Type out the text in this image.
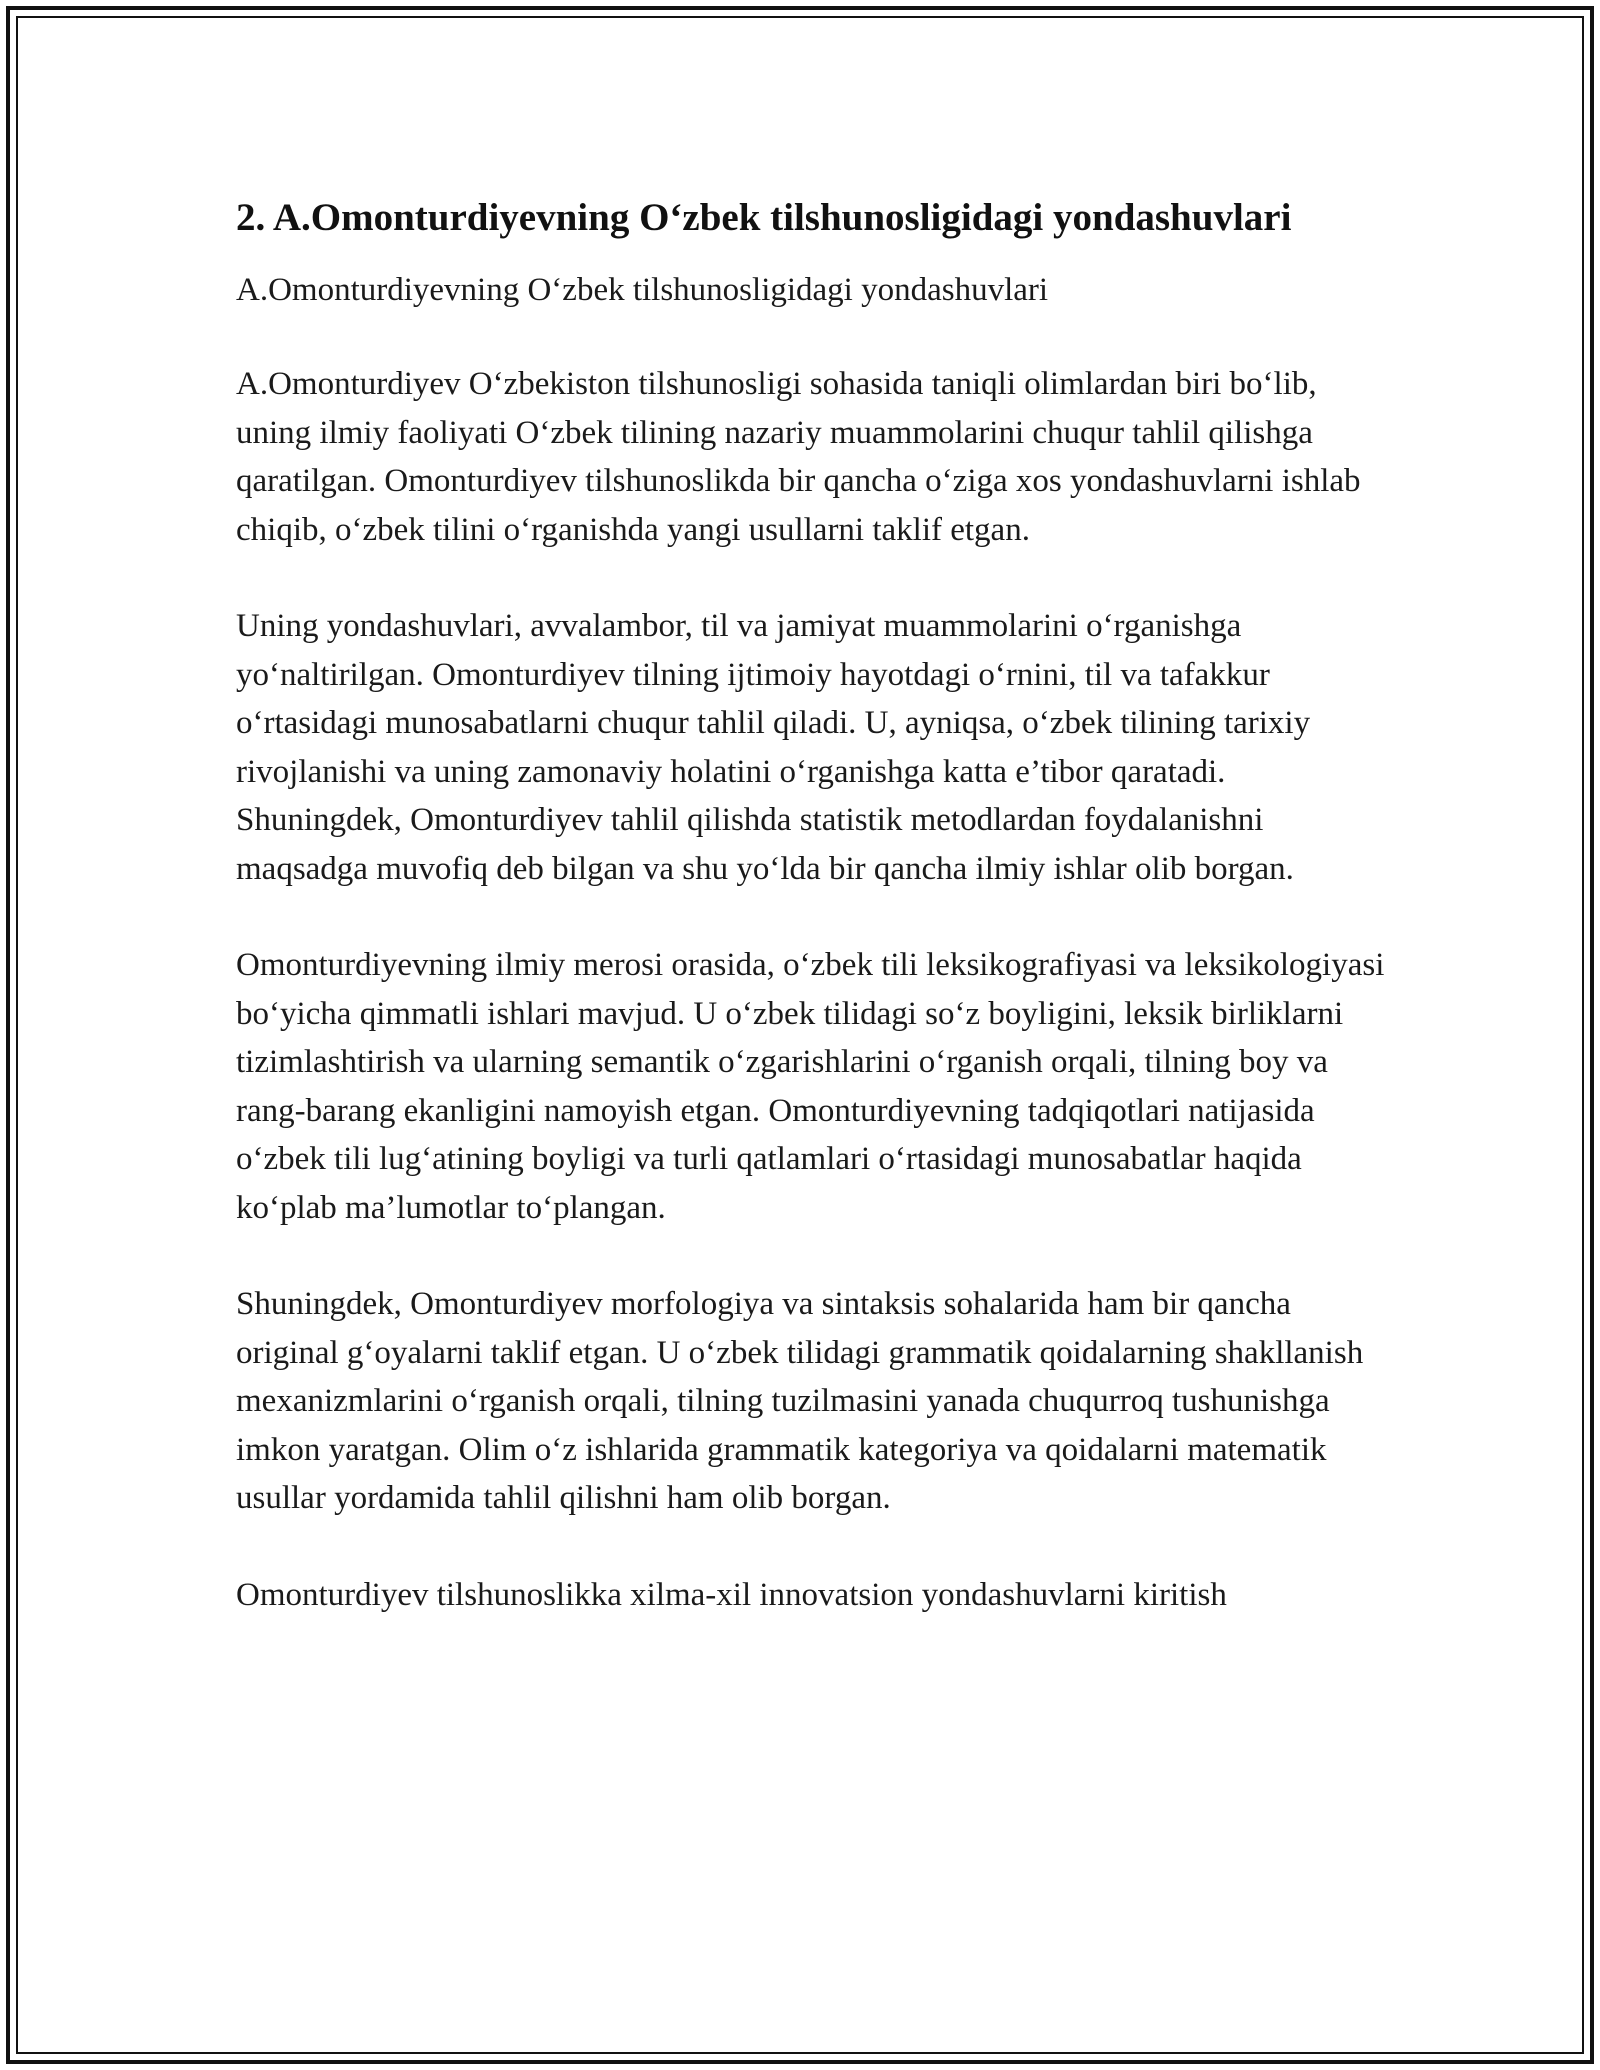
2. A.Omonturdiyevning O‘zbek tilshunosligidagi yondashuvlari

A.Omonturdiyevning O‘zbek tilshunosligidagi yondashuvlari

A.Omonturdiyev O‘zbekiston tilshunosligi sohasida taniqli olimlardan biri bo‘lib, uning ilmiy faoliyati O‘zbek tilining nazariy muammolarini chuqur tahlil qilishga qaratilgan. Omonturdiyev tilshunoslikda bir qancha o‘ziga xos yondashuvlarni ishlab chiqib, o‘zbek tilini o‘rganishda yangi usullarni taklif etgan.

Uning yondashuvlari, avvalambor, til va jamiyat muammolarini o‘rganishga yo‘naltirilgan. Omonturdiyev tilning ijtimoiy hayotdagi o‘rnini, til va tafakkur o‘rtasidagi munosabatlarni chuqur tahlil qiladi. U, ayniqsa, o‘zbek tilining tarixiy rivojlanishi va uning zamonaviy holatini o‘rganishga katta e’tibor qaratadi. Shuningdek, Omonturdiyev tahlil qilishda statistik metodlardan foydalanishni maqsadga muvofiq deb bilgan va shu yo‘lda bir qancha ilmiy ishlar olib borgan.

Omonturdiyevning ilmiy merosi orasida, o‘zbek tili leksikografiyasi va leksikologiyasi bo‘yicha qimmatli ishlari mavjud. U o‘zbek tilidagi so‘z boyligini, leksik birliklarni tizimlashtirish va ularning semantik o‘zgarishlarini o‘rganish orqali, tilning boy va rang-barang ekanligini namoyish etgan. Omonturdiyevning tadqiqotlari natijasida o‘zbek tili lug‘atining boyligi va turli qatlamlari o‘rtasidagi munosabatlar haqida ko‘plab ma’lumotlar to‘plangan.

Shuningdek, Omonturdiyev morfologiya va sintaksis sohalarida ham bir qancha original g‘oyalarni taklif etgan. U o‘zbek tilidagi grammatik qoidalarning shakllanish mexanizmlarini o‘rganish orqali, tilning tuzilmasini yanada chuqurroq tushunishga imkon yaratgan. Olim o‘z ishlarida grammatik kategoriya va qoidalarni matematik usullar yordamida tahlil qilishni ham olib borgan.

Omonturdiyev tilshunoslikka xilma-xil innovatsion yondashuvlarni kiritish
